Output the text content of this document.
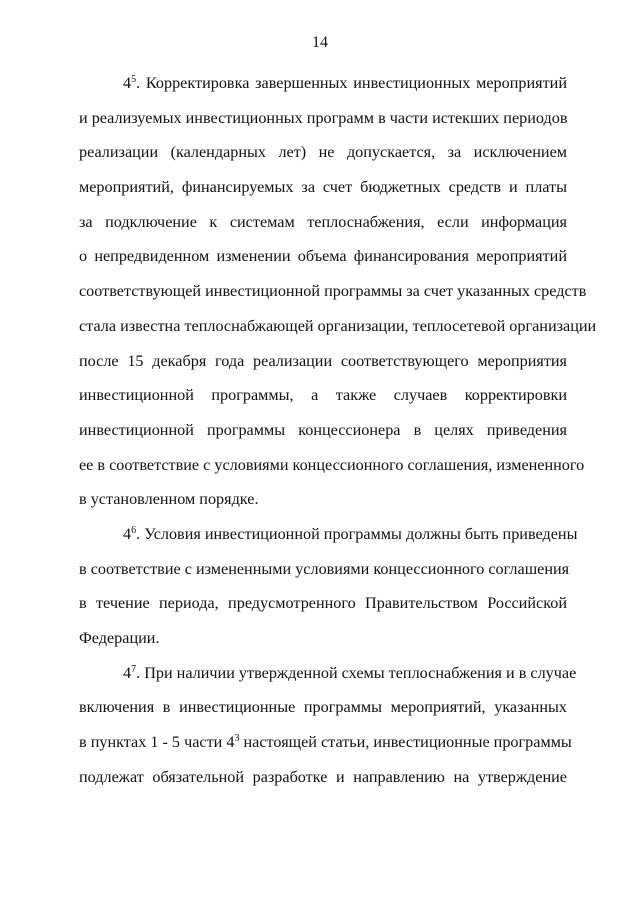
14
$4^5$. Корректировка завершенных инвестиционных мероприятий
и реализуемых инвестиционных программ в части истекших периодов
реализации (календарных лет) не допускается, за исключением
мероприятий, финансируемых за счет бюджетных средств и платы
за подключение к системам теплоснабжения, если информация
о непредвиденном изменении объема финансирования мероприятий
соответствующей инвестиционной программы за счет указанных средств
стала известна теплоснабжающей организации, теплосетевой организации
после 15 декабря года реализации соответствующего мероприятия
инвестиционной программы, а также случаев корректировки
инвестиционной программы концессионера в целях приведения
ее в соответствие с условиями концессионного соглашения, измененного
в установленном порядке.
$4^6$. Условия инвестиционной программы должны быть приведены
в соответствие с измененными условиями концессионного соглашения
в течение периода, предусмотренного Правительством Российской
Федерации.
$4^7$. При наличии утвержденной схемы теплоснабжения и в случае
включения в инвестиционные программы мероприятий, указанных
в пунктах 1 - 5 части $4^3$ настоящей статьи, инвестиционные программы
подлежат обязательной разработке и направлению на утверждение
